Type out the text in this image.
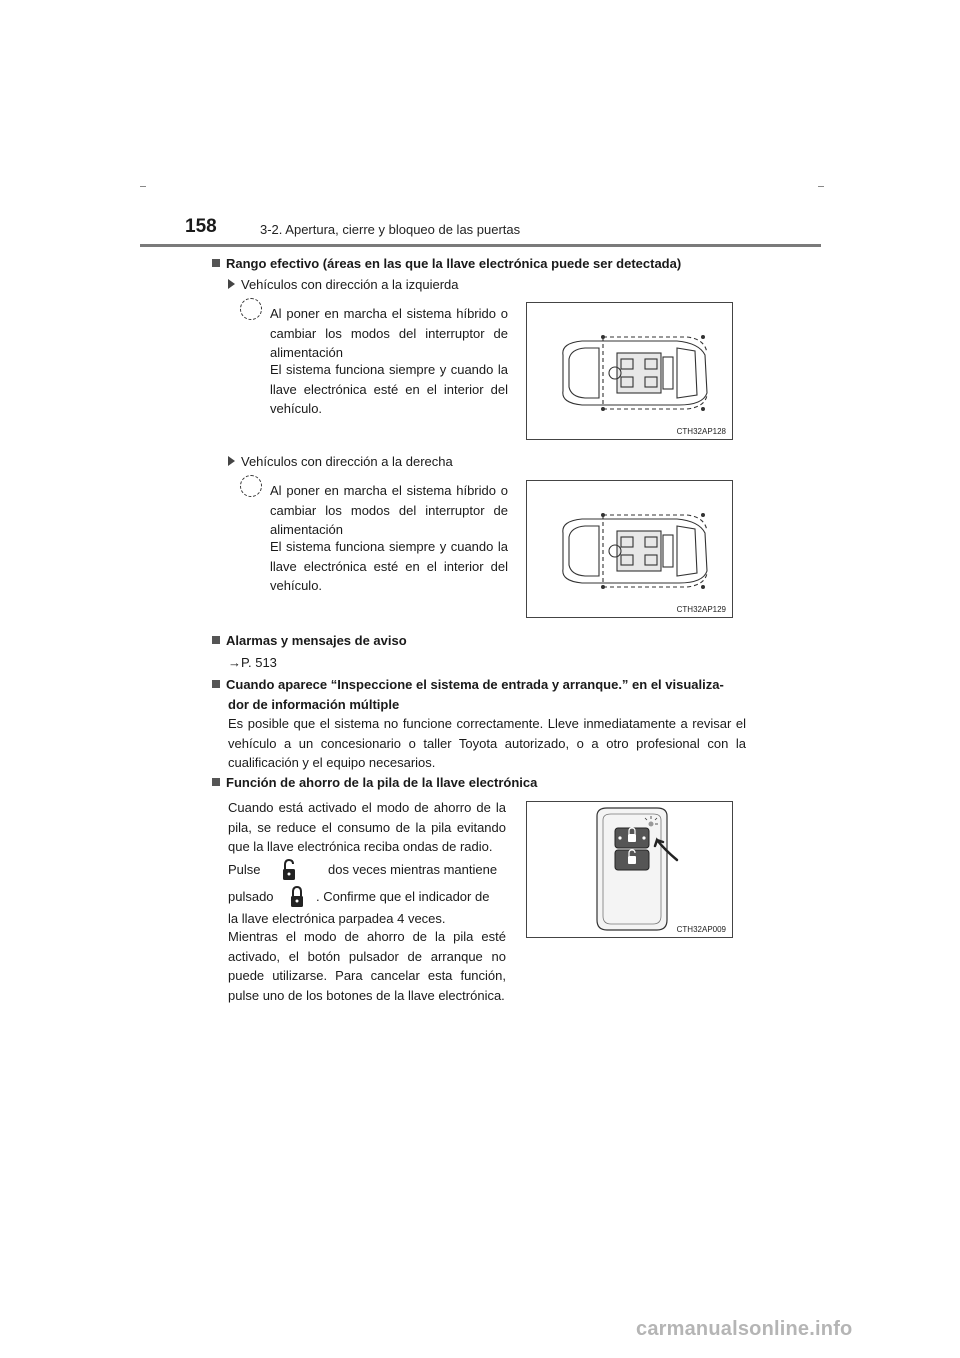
158	3-2. Apertura, cierre y bloqueo de las puertas
Rango efectivo (áreas en las que la llave electrónica puede ser detectada)
Vehículos con dirección a la izquierda
Al poner en marcha el sistema híbrido o cambiar los modos del interruptor de alimentación
El sistema funciona siempre y cuando la llave electrónica esté en el interior del vehículo.
CTH32AP128
Vehículos con dirección a la derecha
Al poner en marcha el sistema híbrido o cambiar los modos del interruptor de alimentación
El sistema funciona siempre y cuando la llave electrónica esté en el interior del vehículo.
CTH32AP129
Alarmas y mensajes de aviso
→P. 513
Cuando aparece “Inspeccione el sistema de entrada y arranque.” en el visualiza-
dor de información múltiple
Es posible que el sistema no funcione correctamente. Lleve inmediatamente a revisar el vehículo a un concesionario o taller Toyota autorizado, o a otro profesional con la cualificación y el equipo necesarios.
Función de ahorro de la pila de la llave electrónica
Cuando está activado el modo de ahorro de la pila, se reduce el consumo de la pila evitando que la llave electrónica reciba ondas de radio.
Pulse	dos veces mientras mantiene
pulsado	. Confirme que el indicador de
la llave electrónica parpadea 4 veces.
Mientras el modo de ahorro de la pila esté activado, el botón pulsador de arranque no puede utilizarse. Para cancelar esta función, pulse uno de los botones de la llave electrónica.
CTH32AP009
carmanualsonline.info
